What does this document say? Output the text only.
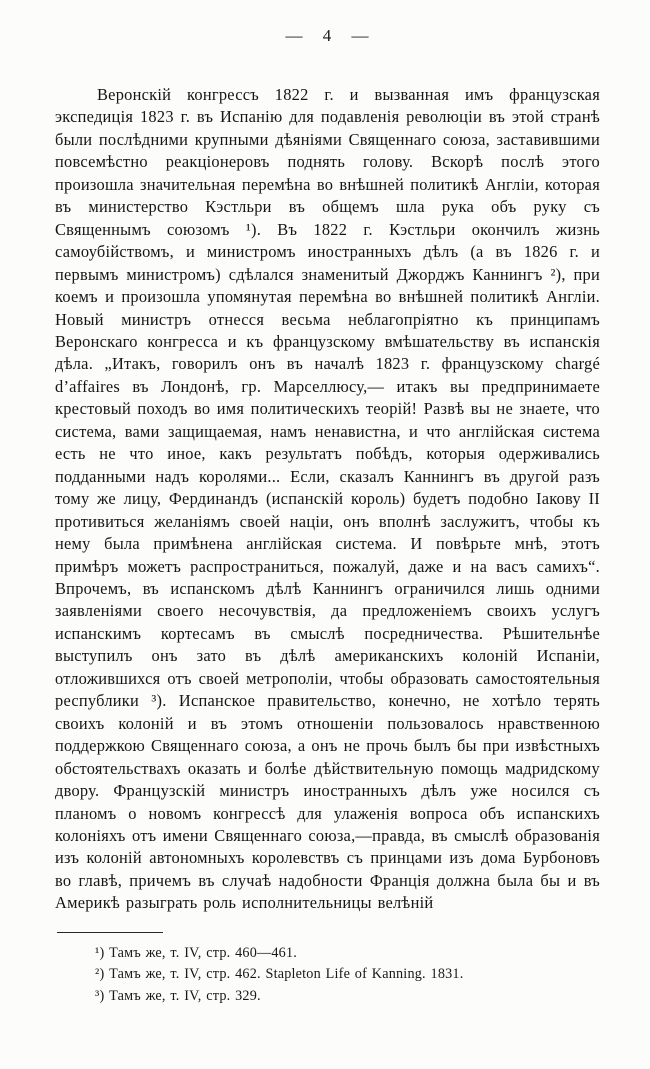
— 4 —
Веронскій конгрессъ 1822 г. и вызванная имъ французская экспедиція 1823 г. въ Испанію для подавленія революціи въ этой странѣ были послѣдними крупными дѣяніями Священнаго союза, заставившими повсемѣстно реакціонеровъ поднять голову. Вскорѣ послѣ этого произошла значительная перемѣна во внѣшней политикѣ Англіи, которая въ министерство Кэстльри въ общемъ шла рука объ руку съ Священнымъ союзомъ ¹). Въ 1822 г. Кэстльри окончилъ жизнь самоубійствомъ, и министромъ иностранныхъ дѣлъ (а въ 1826 г. и первымъ министромъ) сдѣлался знаменитый Джорджъ Каннингъ ²), при коемъ и произошла упомянутая перемѣна во внѣшней политикѣ Англіи. Новый министръ отнесся весьма неблагопріятно къ принципамъ Веронскаго конгресса и къ французскому вмѣшательству въ испанскія дѣла. „Итакъ, говорилъ онъ въ началѣ 1823 г. французскому chargé d’affaires въ Лондонѣ, гр. Марселлюсу,— итакъ вы предпринимаете крестовый походъ во имя политическихъ теорій! Развѣ вы не знаете, что система, вами защищаемая, намъ ненавистна, и что англійская система есть не что иное, какъ результатъ побѣдъ, которыя одерживались подданными надъ королями... Если, сказалъ Каннингъ въ другой разъ тому же лицу, Фердинандъ (испанскій король) будетъ подобно Іакову II противиться желаніямъ своей націи, онъ вполнѣ заслужитъ, чтобы къ нему была примѣнена англійская система. И повѣрьте мнѣ, этотъ примѣръ можетъ распространиться, пожалуй, даже и на васъ самихъ“. Впрочемъ, въ испанскомъ дѣлѣ Каннингъ ограничился лишь одними заявленіями своего несочувствія, да предложеніемъ своихъ услугъ испанскимъ кортесамъ въ смыслѣ посредничества. Рѣшительнѣе выступилъ онъ зато въ дѣлѣ американскихъ колоній Испаніи, отложившихся отъ своей метрополіи, чтобы образовать самостоятельныя республики ³). Испанское правительство, конечно, не хотѣло терять своихъ колоній и въ этомъ отношеніи пользовалось нравственною поддержкою Священнаго союза, а онъ не прочь былъ бы при извѣстныхъ обстоятельствахъ оказать и болѣе дѣйствительную помощь мадридскому двору. Французскій министръ иностранныхъ дѣлъ уже носился съ планомъ о новомъ конгрессѣ для улаженія вопроса объ испанскихъ колоніяхъ отъ имени Священнаго союза,—правда, въ смыслѣ образованія изъ колоній автономныхъ королевствъ съ принцами изъ дома Бурбоновъ во главѣ, причемъ въ случаѣ надобности Франція должна была бы и въ Америкѣ разыграть роль исполнительницы велѣній
¹) Тамъ же, т. IV, стр. 460—461.
²) Тамъ же, т. IV, стр. 462. Stapleton Life of Kanning. 1831.
³) Тамъ же, т. IV, стр. 329.
